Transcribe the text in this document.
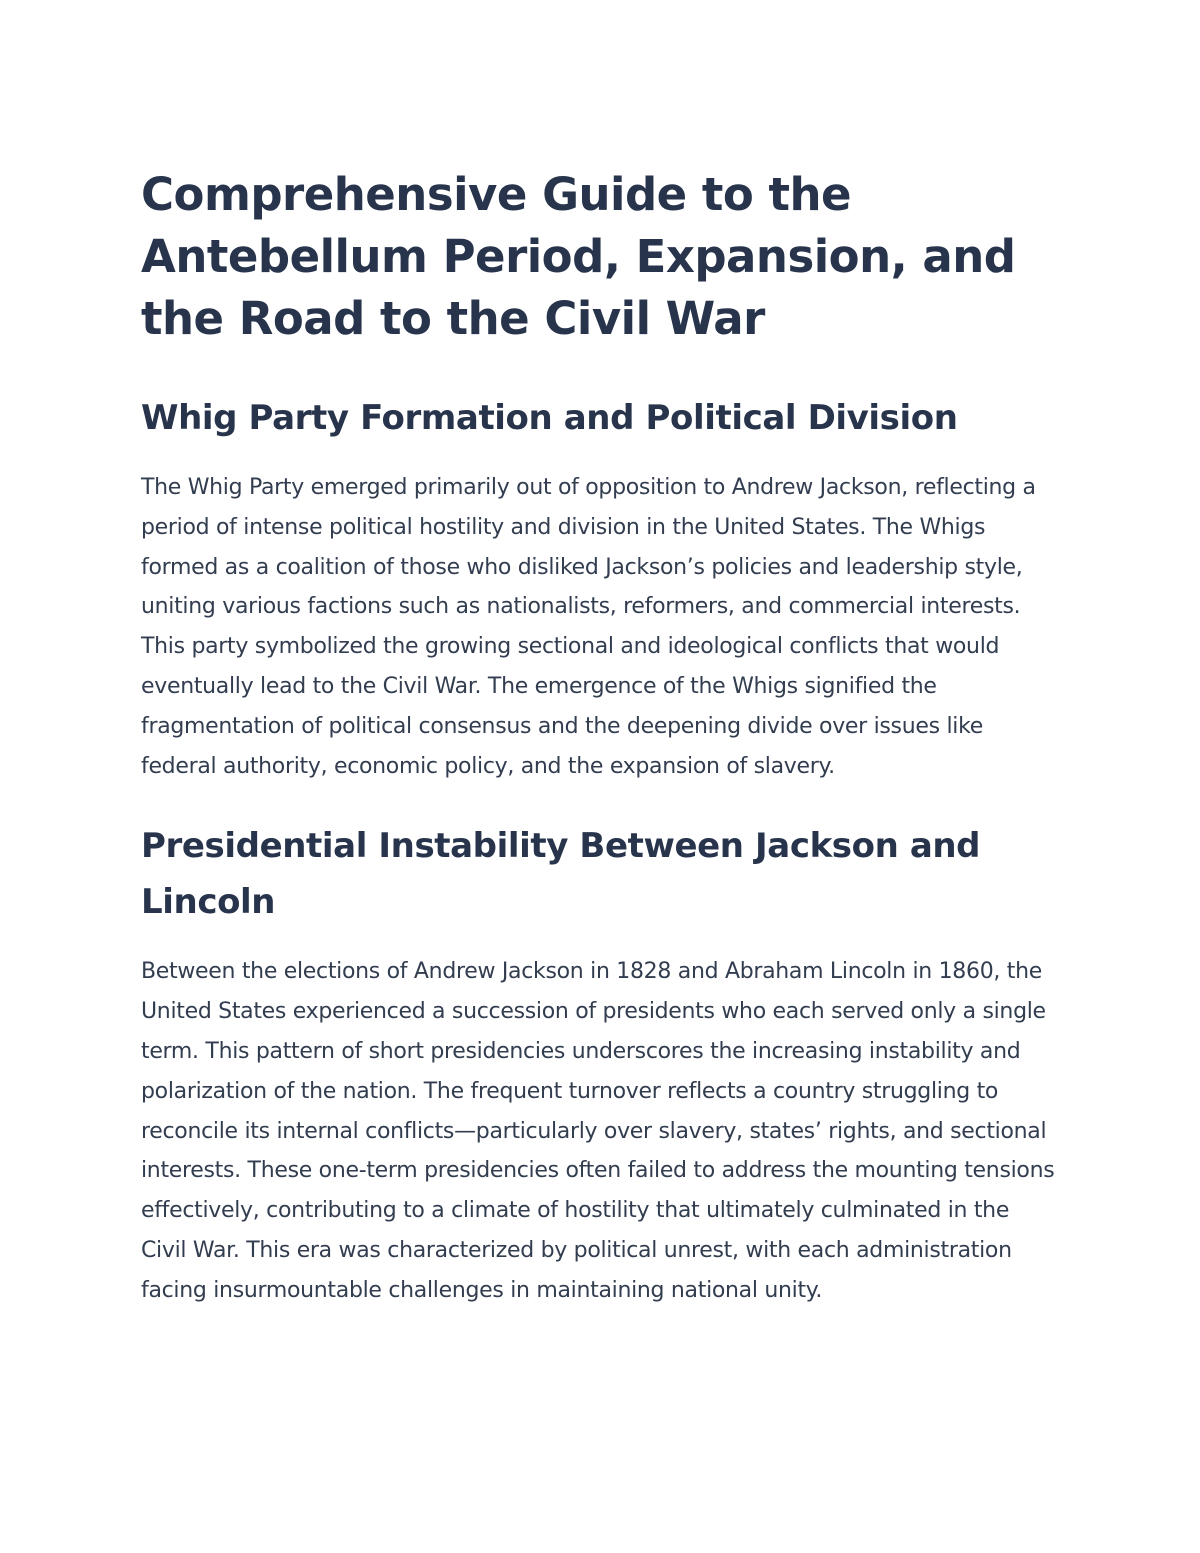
Comprehensive Guide to the Antebellum Period, Expansion, and the Road to the Civil War
Whig Party Formation and Political Division

The Whig Party emerged primarily out of opposition to Andrew Jackson, reflecting a period of intense political hostility and division in the United States. The Whigs formed as a coalition of those who disliked Jackson’s policies and leadership style, uniting various factions such as nationalists, reformers, and commercial interests. This party symbolized the growing sectional and ideological conflicts that would eventually lead to the Civil War. The emergence of the Whigs signified the fragmentation of political consensus and the deepening divide over issues like federal authority, economic policy, and the expansion of slavery.

Presidential Instability Between Jackson and Lincoln

Between the elections of Andrew Jackson in 1828 and Abraham Lincoln in 1860, the United States experienced a succession of presidents who each served only a single term. This pattern of short presidencies underscores the increasing instability and polarization of the nation. The frequent turnover reflects a country struggling to reconcile its internal conflicts—particularly over slavery, states’ rights, and sectional interests. These one-term presidencies often failed to address the mounting tensions effectively, contributing to a climate of hostility that ultimately culminated in the Civil War. This era was characterized by political unrest, with each administration facing insurmountable challenges in maintaining national unity.
